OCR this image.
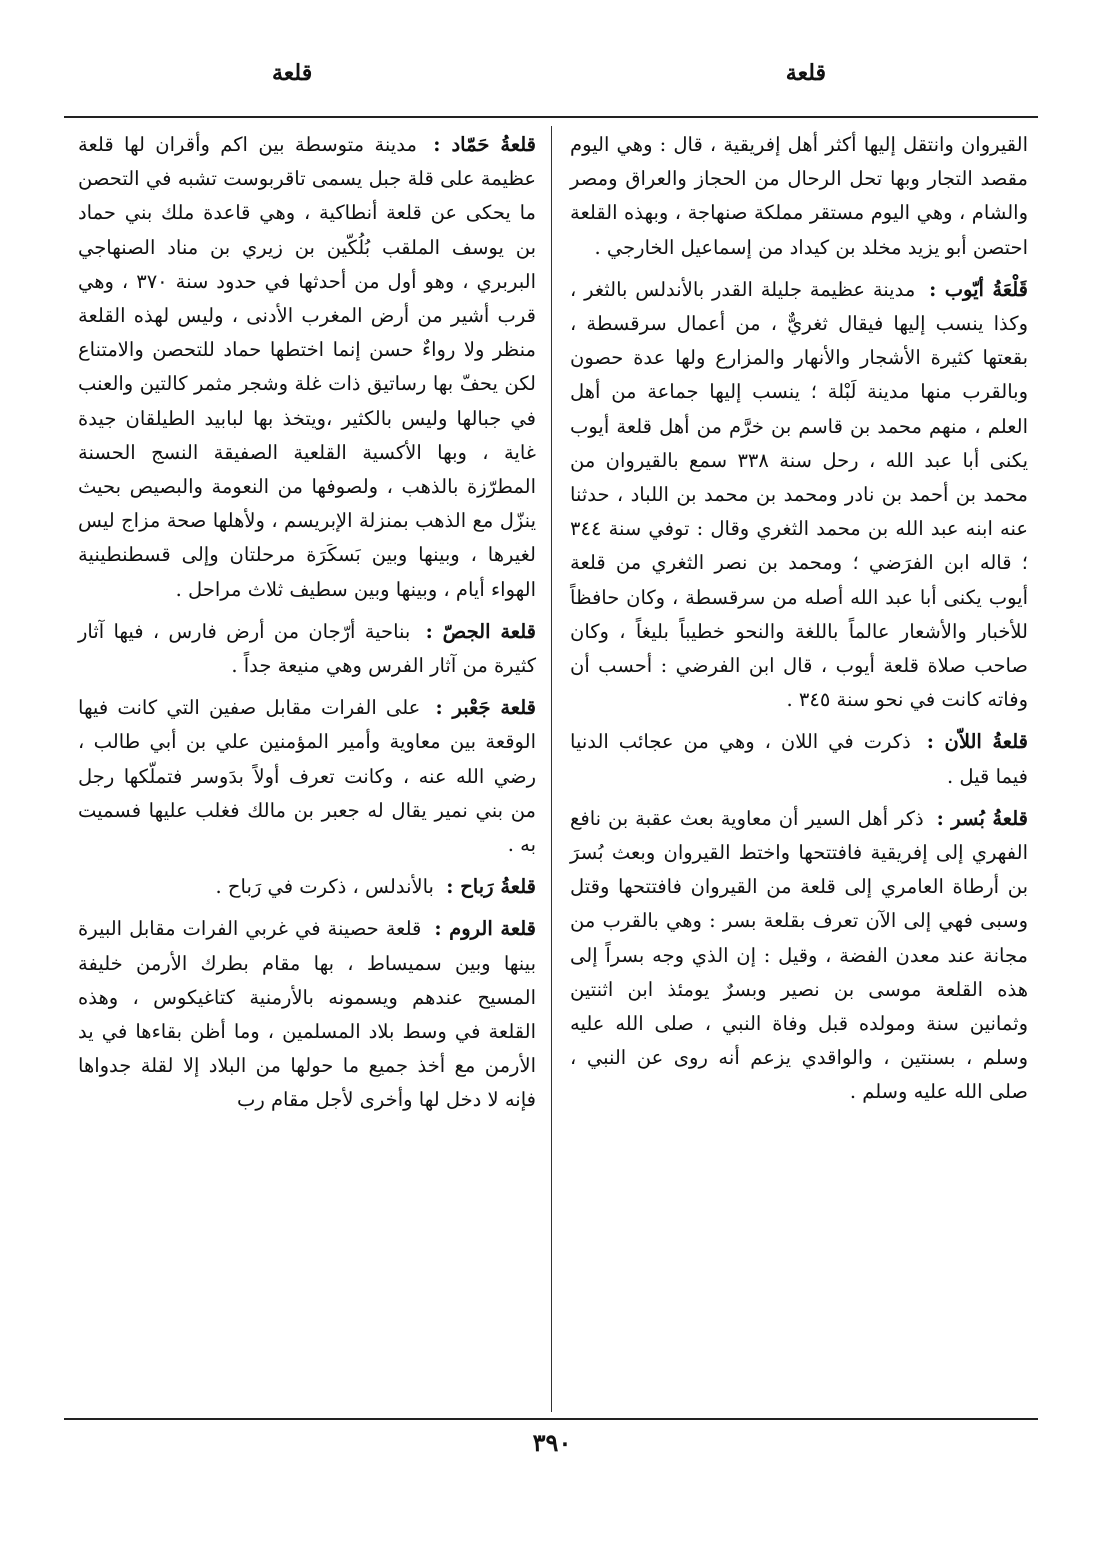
قلعة
قلعة

القيروان وانتقل إليها أكثر أهل إفريقية ، قال : وهي اليوم مقصد التجار وبها تحل الرحال من الحجاز والعراق ومصر والشام ، وهي اليوم مستقر مملكة صنهاجة ، وبهذه القلعة احتصن أبو يزيد مخلد بن كيداد من إسماعيل الخارجي .

قَلْعَةُ أيّوب : مدينة عظيمة جليلة القدر بالأندلس بالثغر ، وكذا ينسب إليها فيقال ثغريٌّ ، من أعمال سرقسطة ، بقعتها كثيرة الأشجار والأنهار والمزارع ولها عدة حصون وبالقرب منها مدينة لَبْلة ؛ ينسب إليها جماعة من أهل العلم ، منهم محمد بن قاسم بن خرَّم من أهل قلعة أيوب يكنى أبا عبد الله ، رحل سنة ٣٣٨ سمع بالقيروان من محمد بن أحمد بن نادر ومحمد بن محمد بن اللباد ، حدثنا عنه ابنه عبد الله بن محمد الثغري وقال : توفي سنة ٣٤٤ ؛ قاله ابن الفرَضي ؛ ومحمد بن نصر الثغري من قلعة أيوب يكنى أبا عبد الله أصله من سرقسطة ، وكان حافظاً للأخبار والأشعار عالماً باللغة والنحو خطيباً بليغاً ، وكان صاحب صلاة قلعة أيوب ، قال ابن الفرضي : أحسب أن وفاته كانت في نحو سنة ٣٤٥ .

قلعةُ اللاّن : ذكرت في اللان ، وهي من عجائب الدنيا فيما قيل .

قلعةُ بُسر : ذكر أهل السير أن معاوية بعث عقبة بن نافع الفهري إلى إفريقية فافتتحها واختط القيروان وبعث بُسرَ بن أرطاة العامري إلى قلعة من القيروان فافتتحها وقتل وسبى فهي إلى الآن تعرف بقلعة بسر : وهي بالقرب من مجانة عند معدن الفضة ، وقيل : إن الذي وجه بسراً إلى هذه القلعة موسى بن نصير وبسرٌ يومئذ ابن اثنتين وثمانين سنة ومولده قبل وفاة النبي ، صلى الله عليه وسلم ، بسنتين ، والواقدي يزعم أنه روى عن النبي ، صلى الله عليه وسلم .

قلعةُ حَمّاد : مدينة متوسطة بين اكم وأقران لها قلعة عظيمة على قلة جبل يسمى تاقربوست تشبه في التحصن ما يحكى عن قلعة أنطاكية ، وهي قاعدة ملك بني حماد بن يوسف الملقب بُلُكّين بن زيري بن مناد الصنهاجي البربري ، وهو أول من أحدثها في حدود سنة ٣٧٠ ، وهي قرب أشير من أرض المغرب الأدنى ، وليس لهذه القلعة منظر ولا رواءٌ حسن إنما اختطها حماد للتحصن والامتناع لكن يحفّ بها رساتيق ذات غلة وشجر مثمر كالتين والعنب في جبالها وليس بالكثير ،ويتخذ بها لبابيد الطيلقان جيدة غاية ، وبها الأكسية القلعية الصفيقة النسج الحسنة المطرّزة بالذهب ، ولصوفها من النعومة والبصيص بحيث ينزّل مع الذهب بمنزلة الإبريسم ، ولأهلها صحة مزاج ليس لغيرها ، وبينها وبين بَسكَرَة مرحلتان وإلى قسطنطينية الهواء أيام ، وبينها وبين سطيف ثلاث مراحل .

قلعة الجصّ : بناحية أرّجان من أرض فارس ، فيها آثار كثيرة من آثار الفرس وهي منيعة جداً .

قلعة جَعْبر : على الفرات مقابل صفين التي كانت فيها الوقعة بين معاوية وأمير المؤمنين علي بن أبي طالب ، رضي الله عنه ، وكانت تعرف أولاً بدَوسر فتملّكها رجل من بني نمير يقال له جعبر بن مالك فغلب عليها فسميت به .

قلعةُ رَباح : بالأندلس ، ذكرت في رَباح .

قلعة الروم : قلعة حصينة في غربي الفرات مقابل البيرة بينها وبين سميساط ، بها مقام بطرك الأرمن خليفة المسيح عندهم ويسمونه بالأرمنية كتاغيكوس ، وهذه القلعة في وسط بلاد المسلمين ، وما أظن بقاءها في يد الأرمن مع أخذ جميع ما حولها من البلاد إلا لقلة جدواها فإنه لا دخل لها وأخرى لأجل مقام رب

٣٩٠
